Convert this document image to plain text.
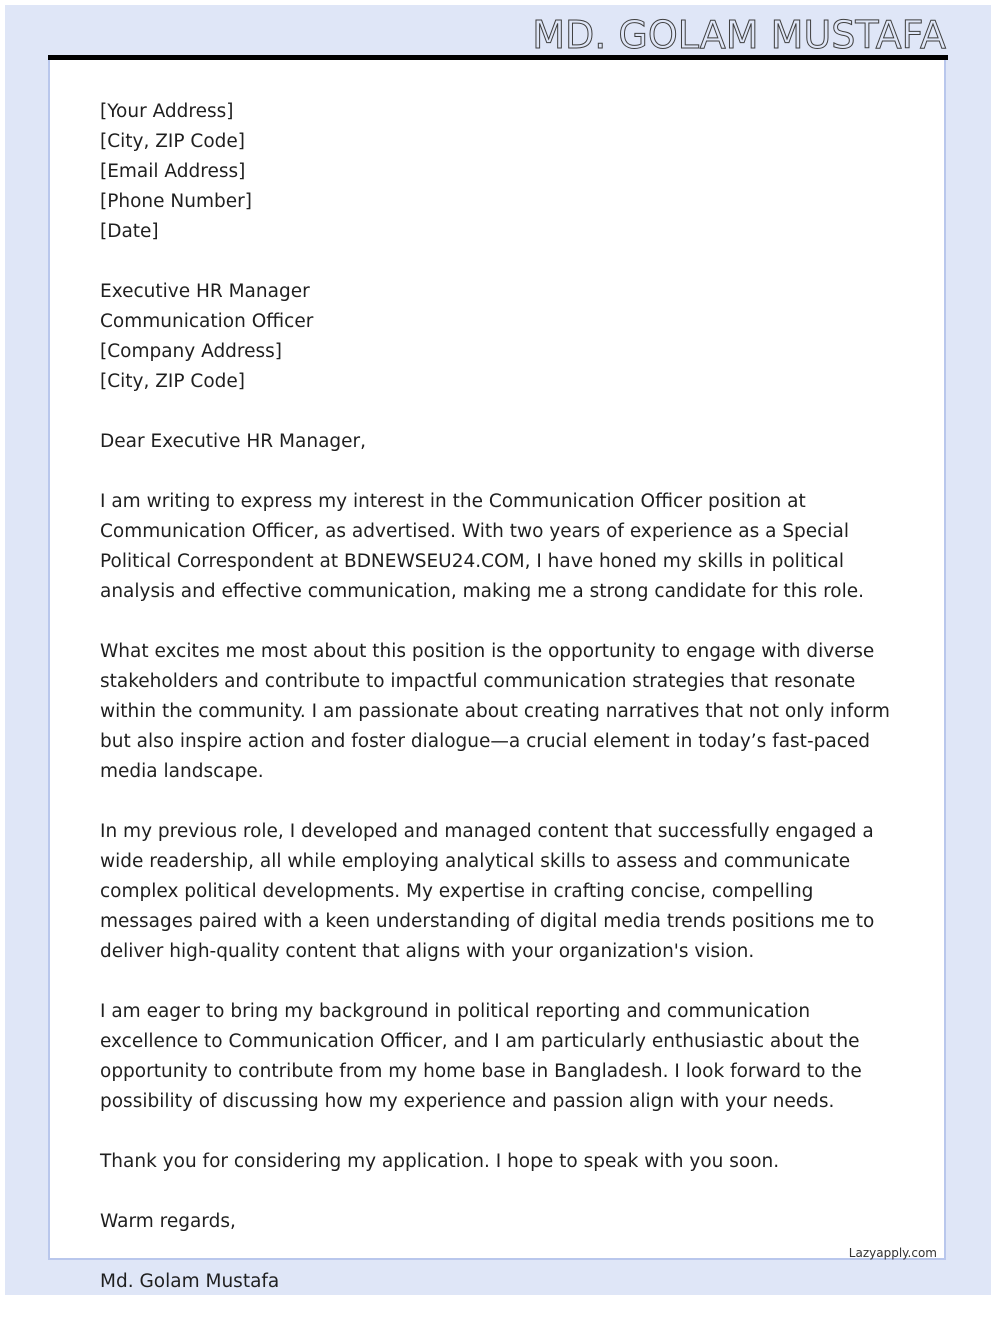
MD. GOLAM MUSTAFA
[Your Address]
[City, ZIP Code]
[Email Address]
[Phone Number]
[Date]
Executive HR Manager
Communication Officer
[Company Address]
[City, ZIP Code]

Dear Executive HR Manager,

I am writing to express my interest in the Communication Officer position at Communication Officer, as advertised. With two years of experience as a Special Political Correspondent at BDNEWSEU24.COM, I have honed my skills in political analysis and effective communication, making me a strong candidate for this role.

What excites me most about this position is the opportunity to engage with diverse stakeholders and contribute to impactful communication strategies that resonate within the community. I am passionate about creating narratives that not only inform but also inspire action and foster dialogue—a crucial element in today’s fast-paced media landscape.

In my previous role, I developed and managed content that successfully engaged a wide readership, all while employing analytical skills to assess and communicate complex political developments. My expertise in crafting concise, compelling messages paired with a keen understanding of digital media trends positions me to deliver high-quality content that aligns with your organization's vision.

I am eager to bring my background in political reporting and communication excellence to Communication Officer, and I am particularly enthusiastic about the opportunity to contribute from my home base in Bangladesh. I look forward to the possibility of discussing how my experience and passion align with your needs.

Thank you for considering my application. I hope to speak with you soon.

Warm regards,

Md. Golam Mustafa

Lazyapply.com
